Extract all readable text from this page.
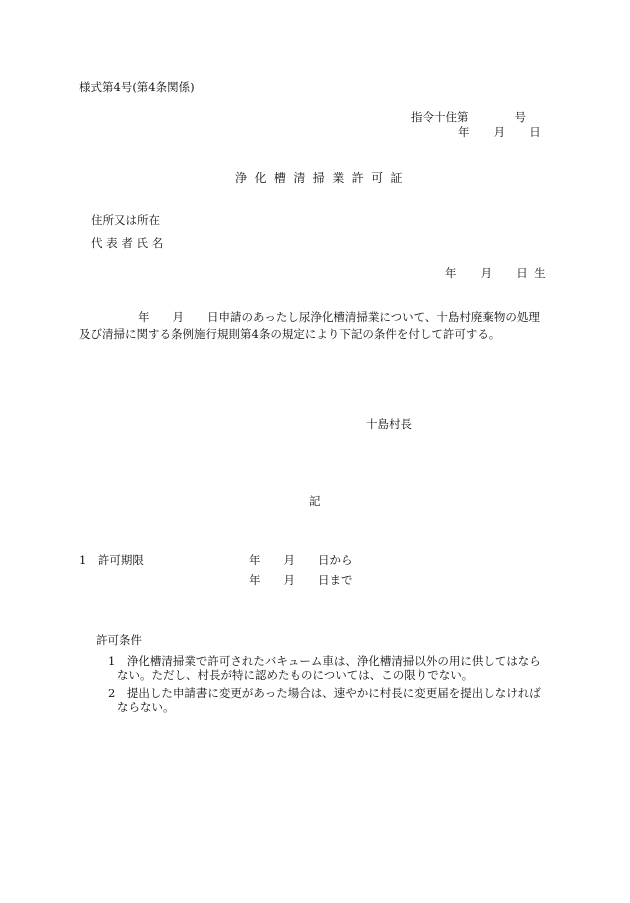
様式第4号(第4条関係)
指令十住第　　　　号
年　月　日
浄化槽清掃業許可証
住所又は所在
代表者氏名
年　月　日生
年　　月　　日申請のあったし尿浄化槽清掃業について、十島村廃棄物の処理
及び清掃に関する条例施行規則第4条の規定により下記の条件を付して許可する。
十島村長
記
1　許可期限	年　　月　　日から
年　　月　　日まで
許可条件
1　浄化槽清掃業で許可されたバキューム車は、浄化槽清掃以外の用に供してはなら
ない。ただし、村長が特に認めたものについては、この限りでない。
2　提出した申請書に変更があった場合は、速やかに村長に変更届を提出しなければ
ならない。
